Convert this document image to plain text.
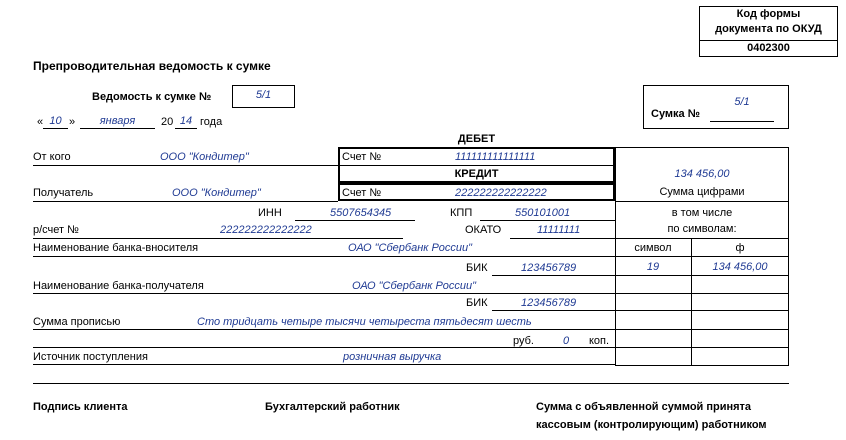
Код формы
документа по ОКУД
0402300
Препроводительная ведомость к сумке
Ведомость к сумке №	5/1
« 10 »	января	20 14 года
Сумка №
5/1
ДЕБЕТ
КРЕДИТ
От кого	ООО "Кондитер"	Счет №	111111111111111
Получатель	ООО "Кондитер"	Счет №	222222222222222
ИНН	5507654345	КПП	550101001
р/счет №	222222222222222	ОКАТО	11111111
Наименование банка-вносителя	ОАО "Сбербанк России"
БИК	123456789
Наименование банка-получателя	ОАО "Сбербанк России"
БИК	123456789
Сумма прописью	Сто тридцать четыре тысячи четыреста пятьдесят шесть
руб.	0 коп.
Источник поступления	розничная выручка
134 456,00
Сумма цифрами
в том числе
по символам:
символ	ф
19	134 456,00
Подпись клиента	Бухгалтерский работник	Сумма с объявленной суммой принята
кассовым (контролирующим) работником
